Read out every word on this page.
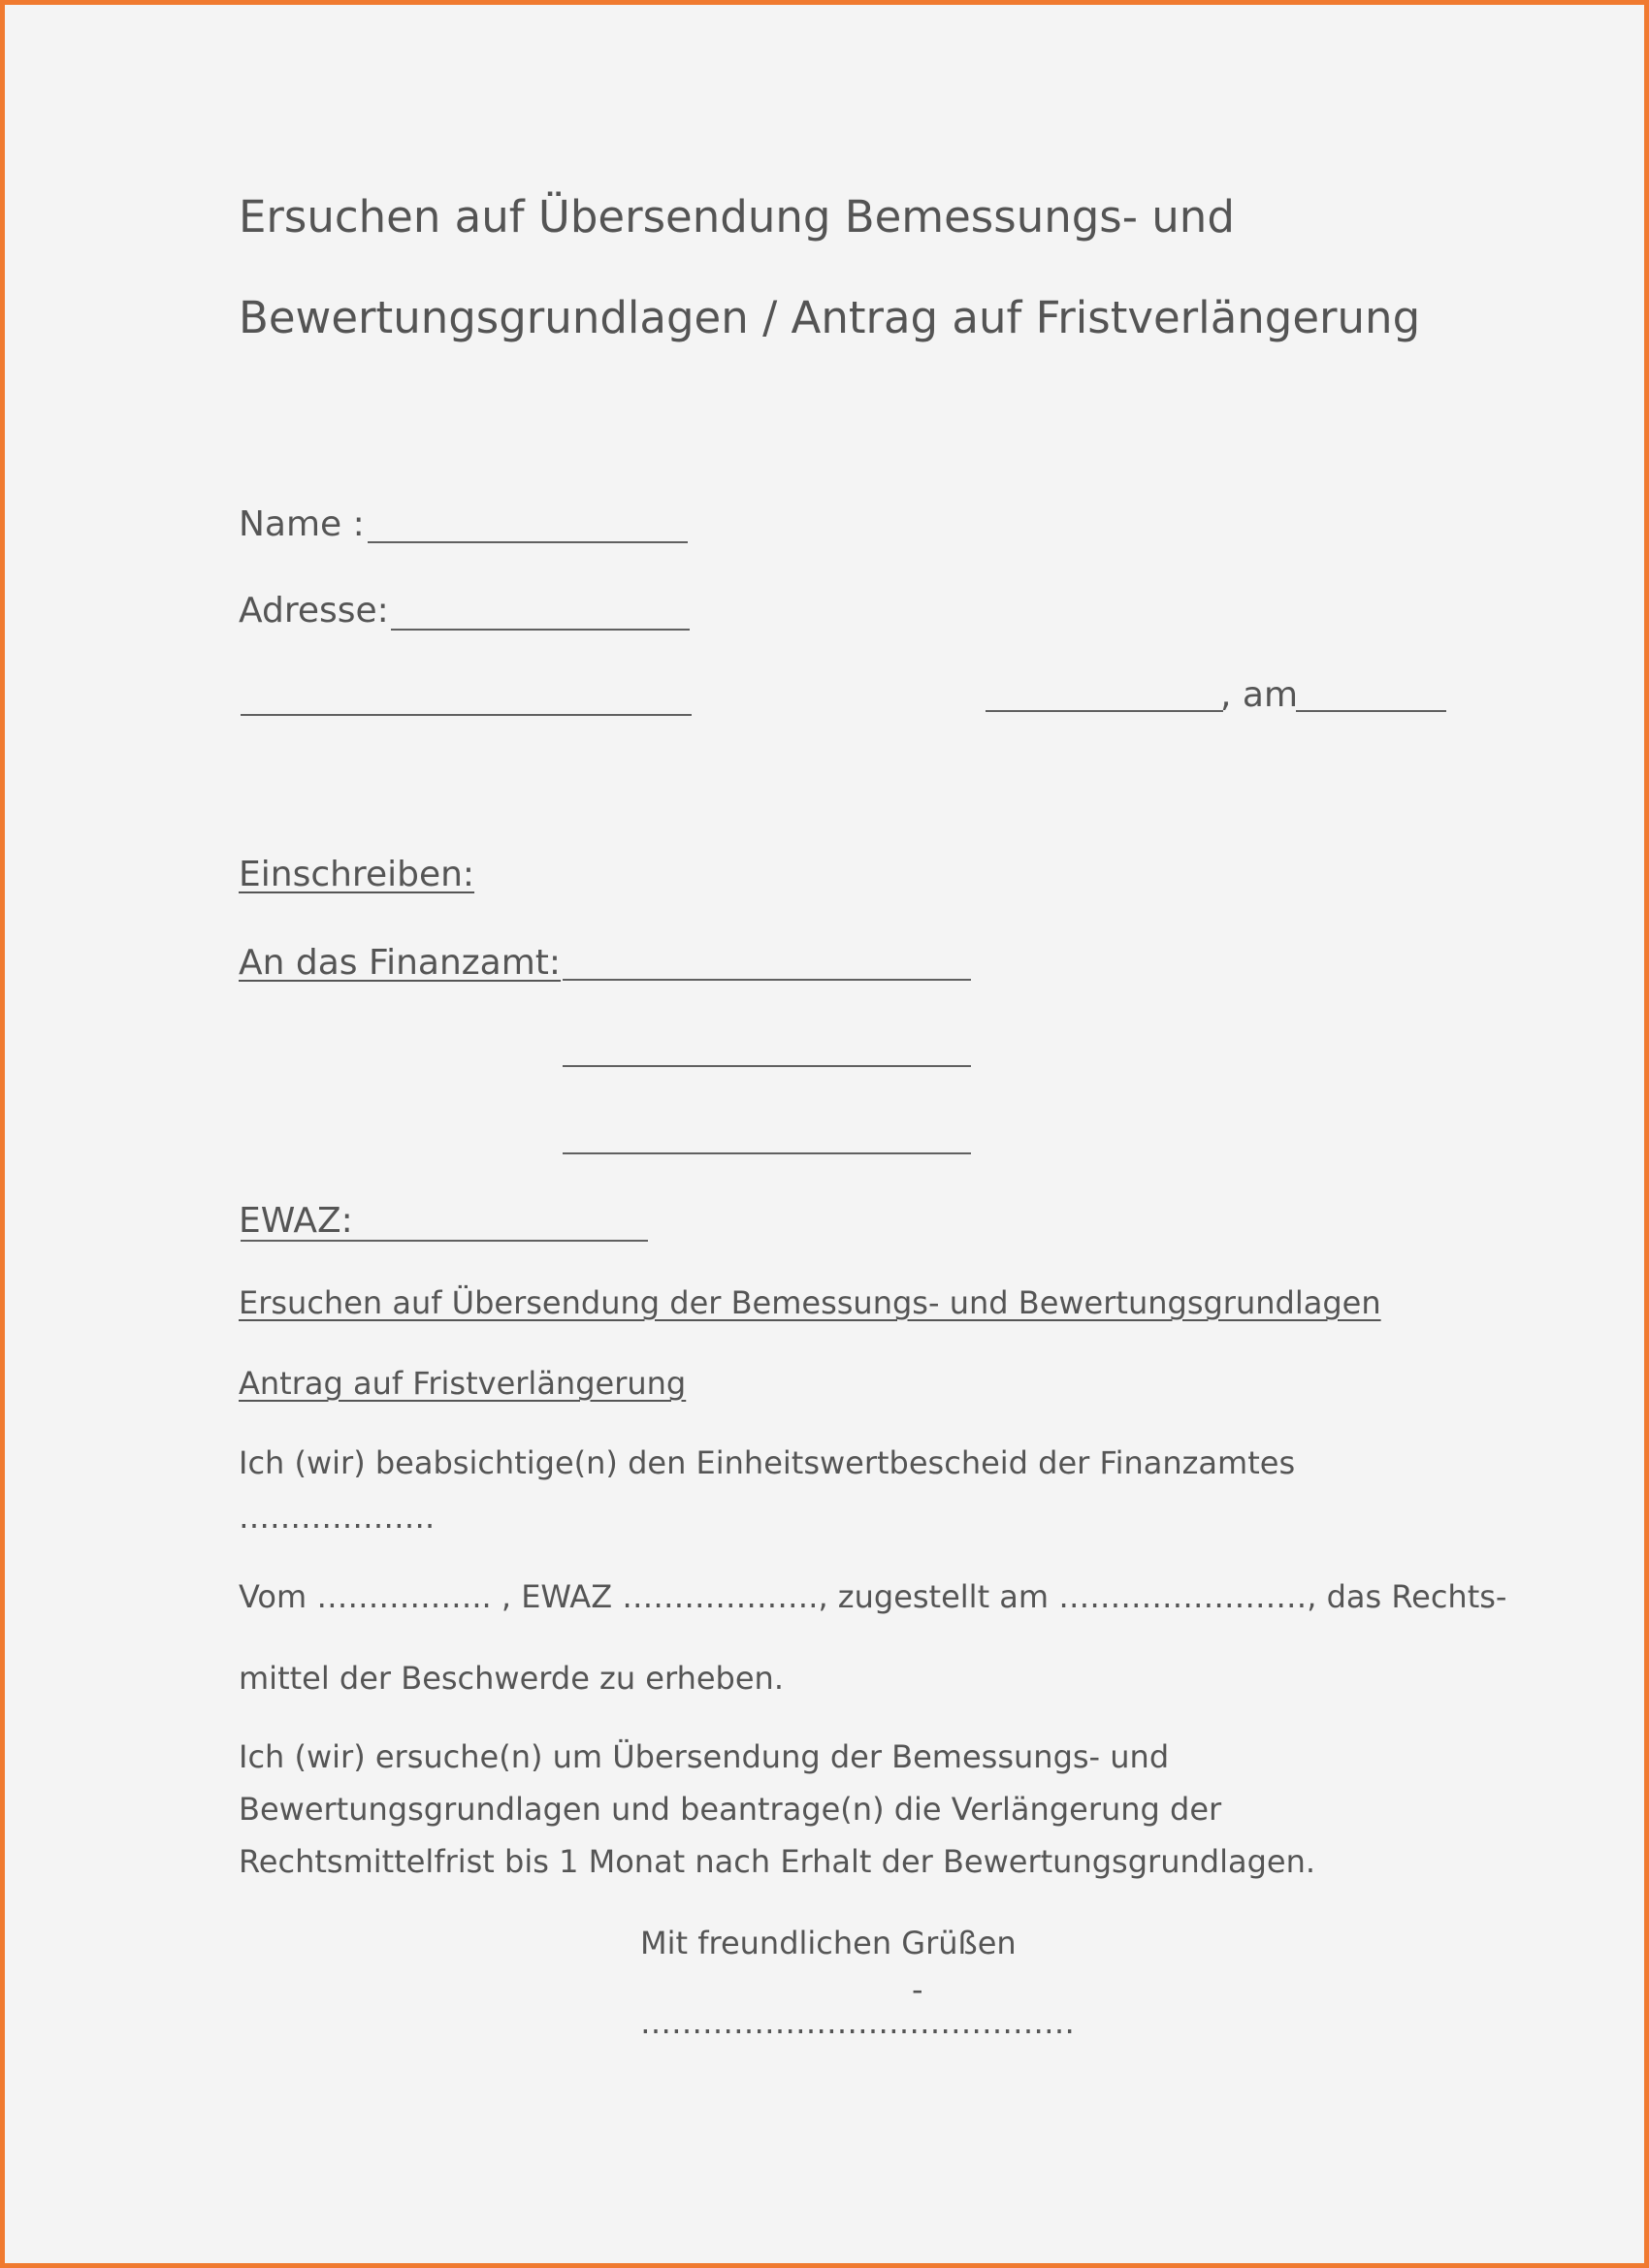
Ersuchen auf Übersendung Bemessungs- und
Bewertungsgrundlagen / Antrag auf Fristverlängerung
Name :
Adresse:
, am
Einschreiben:
An das Finanzamt:
EWAZ:
Ersuchen auf Übersendung der Bemessungs- und Bewertungsgrundlagen
Antrag auf Fristverlängerung
Ich (wir) beabsichtige(n) den Einheitswertbescheid der Finanzamtes
……………….
Vom …………….. , EWAZ ………………., zugestellt am ……………………, das Rechts-
mittel der Beschwerde zu erheben.
Ich (wir) ersuche(n) um Übersendung der Bemessungs- und
Bewertungsgrundlagen und beantrage(n) die Verlängerung der
Rechtsmittelfrist bis 1 Monat nach Erhalt der Bewertungsgrundlagen.
Mit freundlichen Grüßen
-
……………………………………
